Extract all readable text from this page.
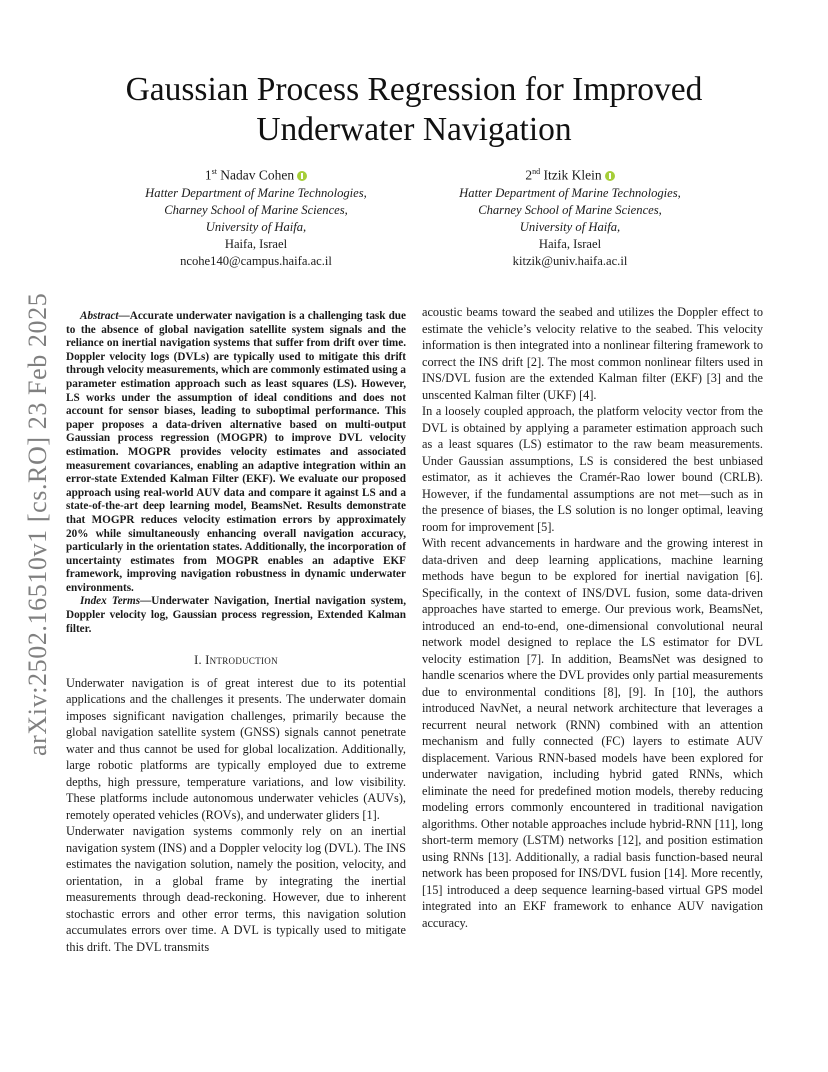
arXiv:2502.16510v1 [cs.RO] 23 Feb 2025
Gaussian Process Regression for Improved Underwater Navigation
1st Nadav Cohen
Hatter Department of Marine Technologies,
Charney School of Marine Sciences,
University of Haifa,
Haifa, Israel
ncohe140@campus.haifa.ac.il
2nd Itzik Klein
Hatter Department of Marine Technologies,
Charney School of Marine Sciences,
University of Haifa,
Haifa, Israel
kitzik@univ.haifa.ac.il

Abstract—Accurate underwater navigation is a challenging task due to the absence of global navigation satellite system signals and the reliance on inertial navigation systems that suffer from drift over time. Doppler velocity logs (DVLs) are typically used to mitigate this drift through velocity measurements, which are commonly estimated using a parameter estimation approach such as least squares (LS). However, LS works under the assumption of ideal conditions and does not account for sensor biases, leading to suboptimal performance. This paper proposes a data-driven alternative based on multi-output Gaussian process regression (MOGPR) to improve DVL velocity estimation. MOGPR provides velocity estimates and associated measurement covariances, enabling an adaptive integration within an error-state Extended Kalman Filter (EKF). We evaluate our proposed approach using real-world AUV data and compare it against LS and a state-of-the-art deep learning model, BeamsNet. Results demonstrate that MOGPR reduces velocity estimation errors by approximately 20% while simultaneously enhancing overall navigation accuracy, particularly in the orientation states. Additionally, the incorporation of uncertainty estimates from MOGPR enables an adaptive EKF framework, improving navigation robustness in dynamic underwater environments.

Index Terms—Underwater Navigation, Inertial navigation system, Doppler velocity log, Gaussian process regression, Extended Kalman filter.

I. Introduction

Underwater navigation is of great interest due to its potential applications and the challenges it presents. The underwater domain imposes significant navigation challenges, primarily because the global navigation satellite system (GNSS) signals cannot penetrate water and thus cannot be used for global localization. Additionally, large robotic platforms are typically employed due to extreme depths, high pressure, temperature variations, and low visibility. These platforms include autonomous underwater vehicles (AUVs), remotely operated vehicles (ROVs), and underwater gliders [1].

Underwater navigation systems commonly rely on an inertial navigation system (INS) and a Doppler velocity log (DVL). The INS estimates the navigation solution, namely the position, velocity, and orientation, in a global frame by integrating the inertial measurements through dead-reckoning. However, due to inherent stochastic errors and other error terms, this navigation solution accumulates errors over time. A DVL is typically used to mitigate this drift. The DVL transmits

acoustic beams toward the seabed and utilizes the Doppler effect to estimate the vehicle’s velocity relative to the seabed. This velocity information is then integrated into a nonlinear filtering framework to correct the INS drift [2]. The most common nonlinear filters used in INS/DVL fusion are the extended Kalman filter (EKF) [3] and the unscented Kalman filter (UKF) [4].

In a loosely coupled approach, the platform velocity vector from the DVL is obtained by applying a parameter estimation approach such as a least squares (LS) estimator to the raw beam measurements. Under Gaussian assumptions, LS is considered the best unbiased estimator, as it achieves the Cramér-Rao lower bound (CRLB). However, if the fundamental assumptions are not met—such as in the presence of biases, the LS solution is no longer optimal, leaving room for improvement [5].

With recent advancements in hardware and the growing interest in data-driven and deep learning applications, machine learning methods have begun to be explored for inertial navigation [6]. Specifically, in the context of INS/DVL fusion, some data-driven approaches have started to emerge. Our previous work, BeamsNet, introduced an end-to-end, one-dimensional convolutional neural network model designed to replace the LS estimator for DVL velocity estimation [7]. In addition, BeamsNet was designed to handle scenarios where the DVL provides only partial measurements due to environmental conditions [8], [9]. In [10], the authors introduced NavNet, a neural network architecture that leverages a recurrent neural network (RNN) combined with an attention mechanism and fully connected (FC) layers to estimate AUV displacement. Various RNN-based models have been explored for underwater navigation, including hybrid gated RNNs, which eliminate the need for predefined motion models, thereby reducing modeling errors commonly encountered in traditional navigation algorithms. Other notable approaches include hybrid-RNN [11], long short-term memory (LSTM) networks [12], and position estimation using RNNs [13]. Additionally, a radial basis function-based neural network has been proposed for INS/DVL fusion [14]. More recently, [15] introduced a deep sequence learning-based virtual GPS model integrated into an EKF framework to enhance AUV navigation accuracy.
